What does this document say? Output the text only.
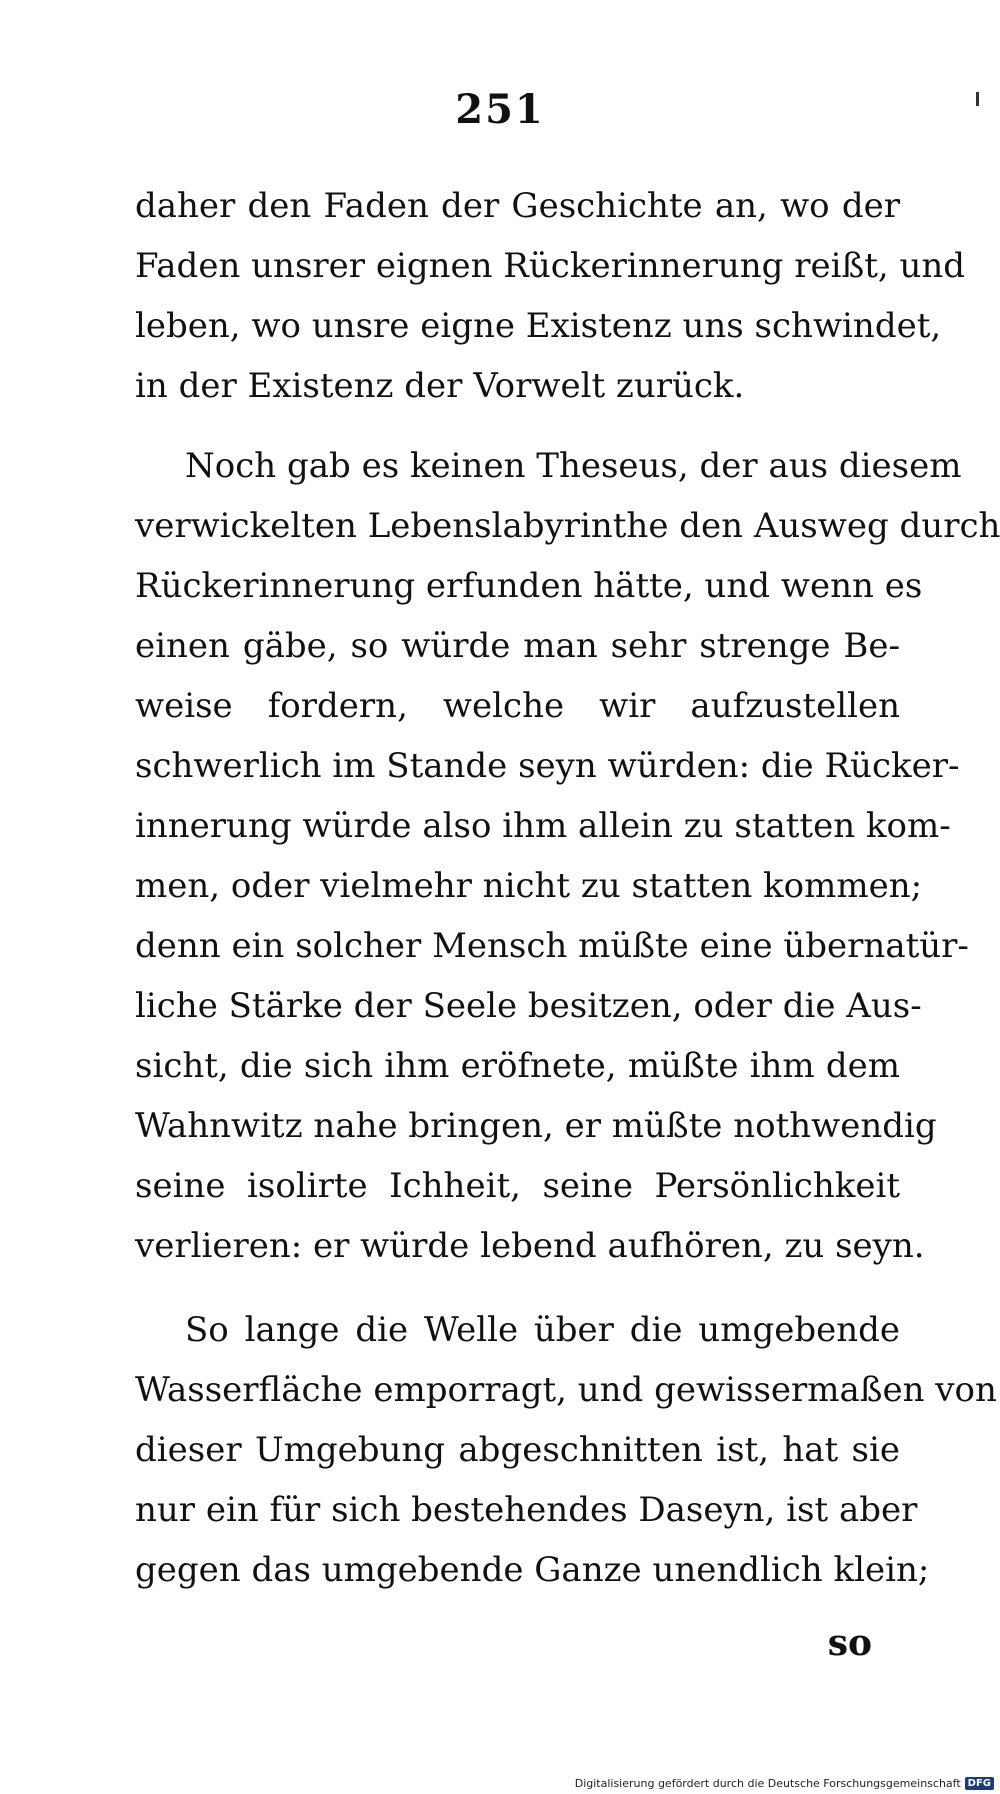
251
daher den Faden der Geschichte an, wo der
Faden unsrer eignen Rückerinnerung reißt, und
leben, wo unsre eigne Existenz uns schwindet,
in der Existenz der Vorwelt zurück.
Noch gab es keinen Theseus, der aus diesem
verwickelten Lebenslabyrinthe den Ausweg durch
Rückerinnerung erfunden hätte, und wenn es
einen gäbe, so würde man sehr strenge Be-
weise fordern, welche wir aufzustellen
schwerlich im Stande seyn würden: die Rücker-
innerung würde also ihm allein zu statten kom-
men, oder vielmehr nicht zu statten kommen;
denn ein solcher Mensch müßte eine übernatür-
liche Stärke der Seele besitzen, oder die Aus-
sicht, die sich ihm eröfnete, müßte ihm dem
Wahnwitz nahe bringen, er müßte nothwendig
seine isolirte Ichheit, seine Persönlichkeit
verlieren: er würde lebend aufhören, zu seyn.
So lange die Welle über die umgebende
Wasserfläche emporragt, und gewissermaßen von
dieser Umgebung abgeschnitten ist, hat sie
nur ein für sich bestehendes Daseyn, ist aber
gegen das umgebende Ganze unendlich klein;
so
Digitalisierung gefördert durch die Deutsche Forschungsgemeinschaft DFG
